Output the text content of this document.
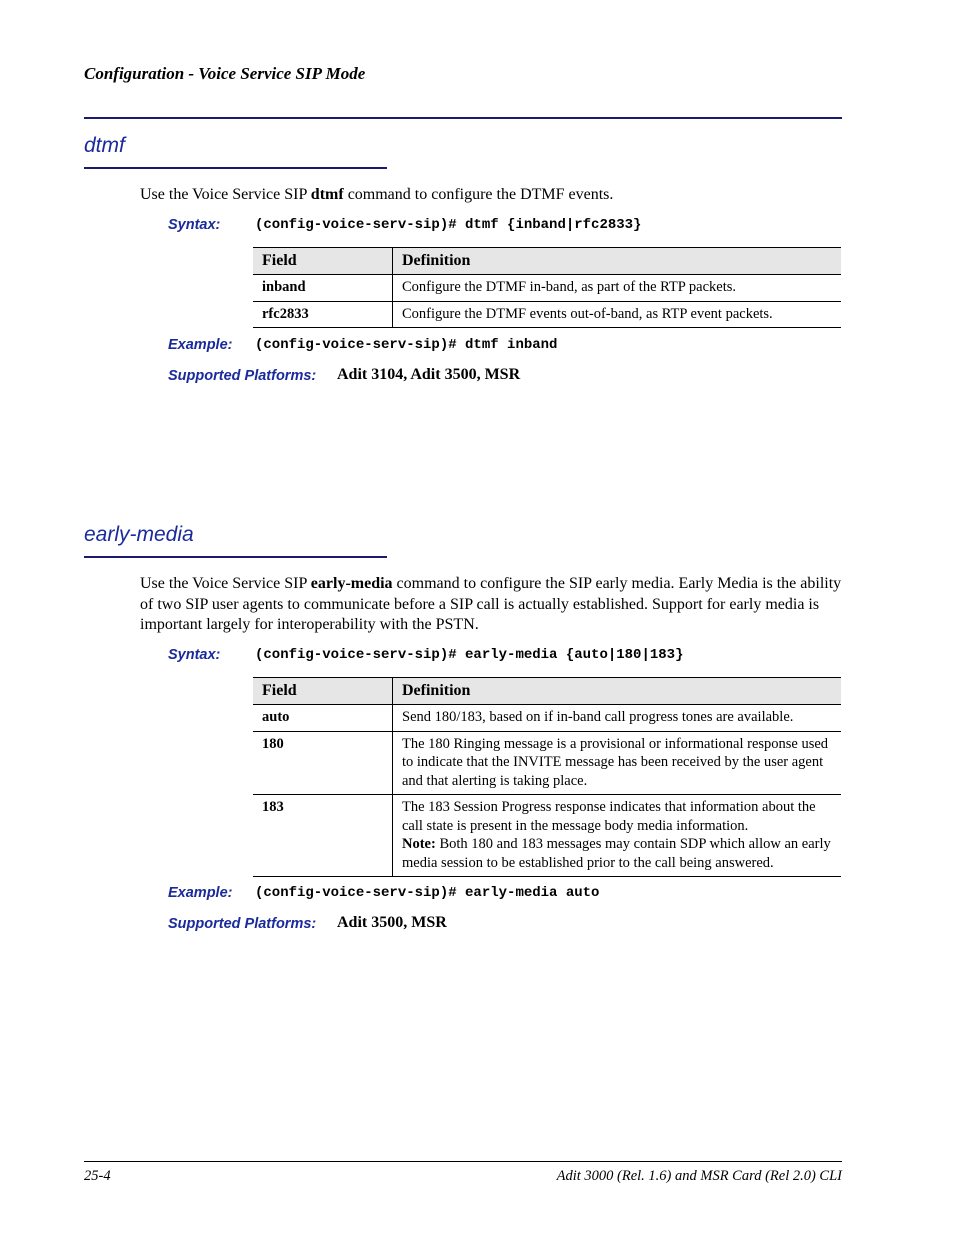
Configuration - Voice Service SIP Mode
dtmf
Use the Voice Service SIP dtmf command to configure the DTMF events.
Syntax: (config-voice-serv-sip)# dtmf {inband|rfc2833}
Field	Definition
inband	Configure the DTMF in-band, as part of the RTP packets.
rfc2833	Configure the DTMF events out-of-band, as RTP event packets.
Example: (config-voice-serv-sip)# dtmf inband
Supported Platforms: Adit 3104, Adit 3500, MSR
early-media
Use the Voice Service SIP early-media command to configure the SIP early media. Early Media is the ability of two SIP user agents to communicate before a SIP call is actually established. Support for early media is important largely for interoperability with the PSTN.
Syntax: (config-voice-serv-sip)# early-media {auto|180|183}
Field	Definition
auto	Send 180/183, based on if in-band call progress tones are available.
180	The 180 Ringing message is a provisional or informational response used to indicate that the INVITE message has been received by the user agent and that alerting is taking place.
183	The 183 Session Progress response indicates that information about the call state is present in the message body media information.
Note: Both 180 and 183 messages may contain SDP which allow an early media session to be established prior to the call being answered.
Example: (config-voice-serv-sip)# early-media auto
Supported Platforms: Adit 3500, MSR
25-4	Adit 3000 (Rel. 1.6) and MSR Card (Rel 2.0) CLI
